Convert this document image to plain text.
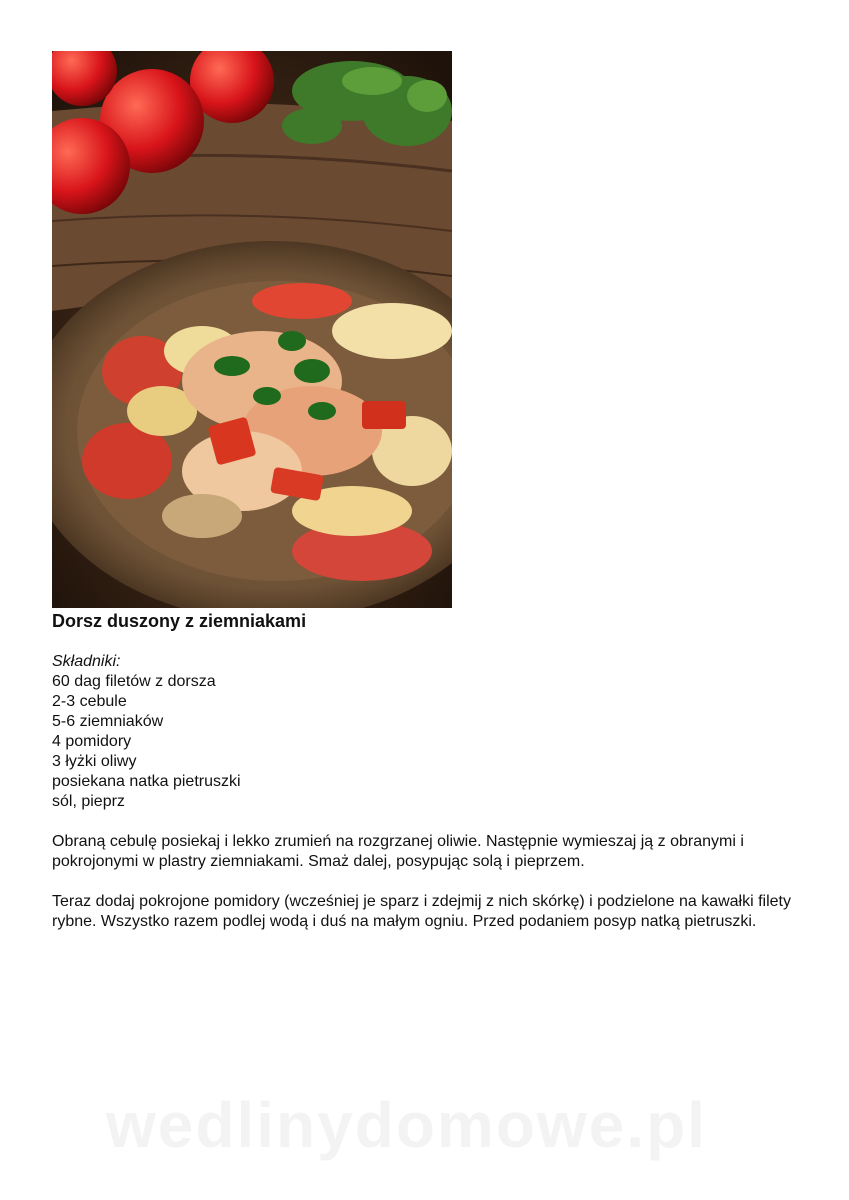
Dorsz duszony z ziemniakami
Składniki:
60 dag filetów z dorsza
2-3 cebule
5-6 ziemniaków
4 pomidory
3 łyżki oliwy
posiekana natka pietruszki
sól, pieprz

Obraną cebulę posiekaj i lekko zrumień na rozgrzanej oliwie. Następnie wymieszaj ją z obranymi i pokrojonymi w plastry ziemniakami. Smaż dalej, posypując solą i pieprzem.

Teraz dodaj pokrojone pomidory (wcześniej je sparz i zdejmij z nich skórkę) i podzielone na kawałki filety rybne. Wszystko razem podlej wodą i duś na małym ogniu. Przed podaniem posyp natką pietruszki.

wedlinydomowe.pl
